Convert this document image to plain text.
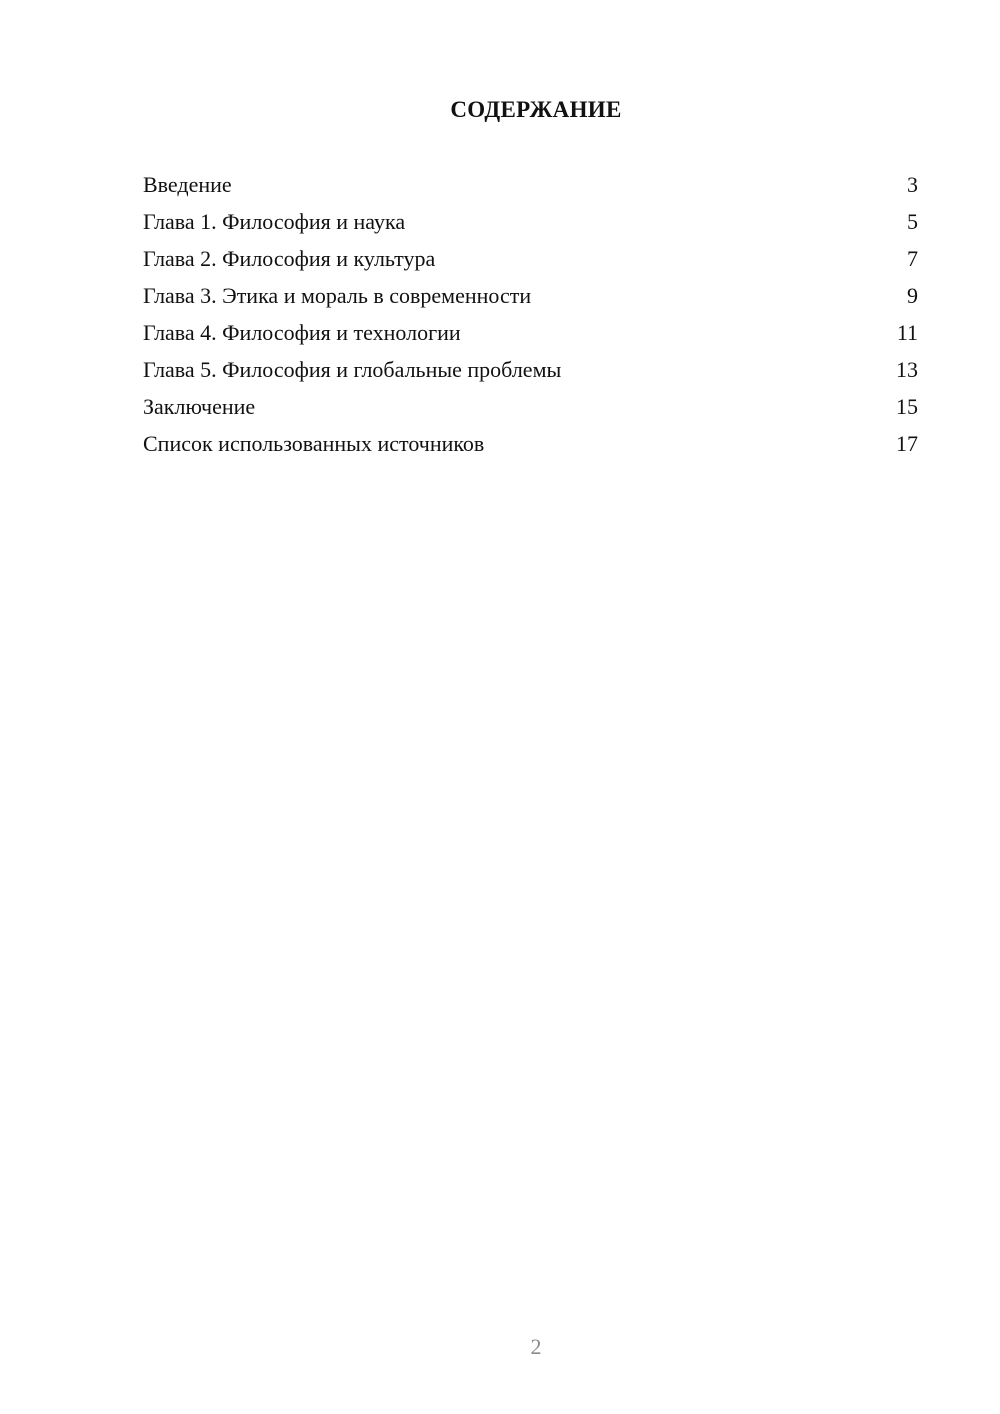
СОДЕРЖАНИЕ
Введение	3
Глава 1. Философия и наука	5
Глава 2. Философия и культура	7
Глава 3. Этика и мораль в современности	9
Глава 4. Философия и технологии	11
Глава 5. Философия и глобальные проблемы	13
Заключение	15
Список использованных источников	17
2
